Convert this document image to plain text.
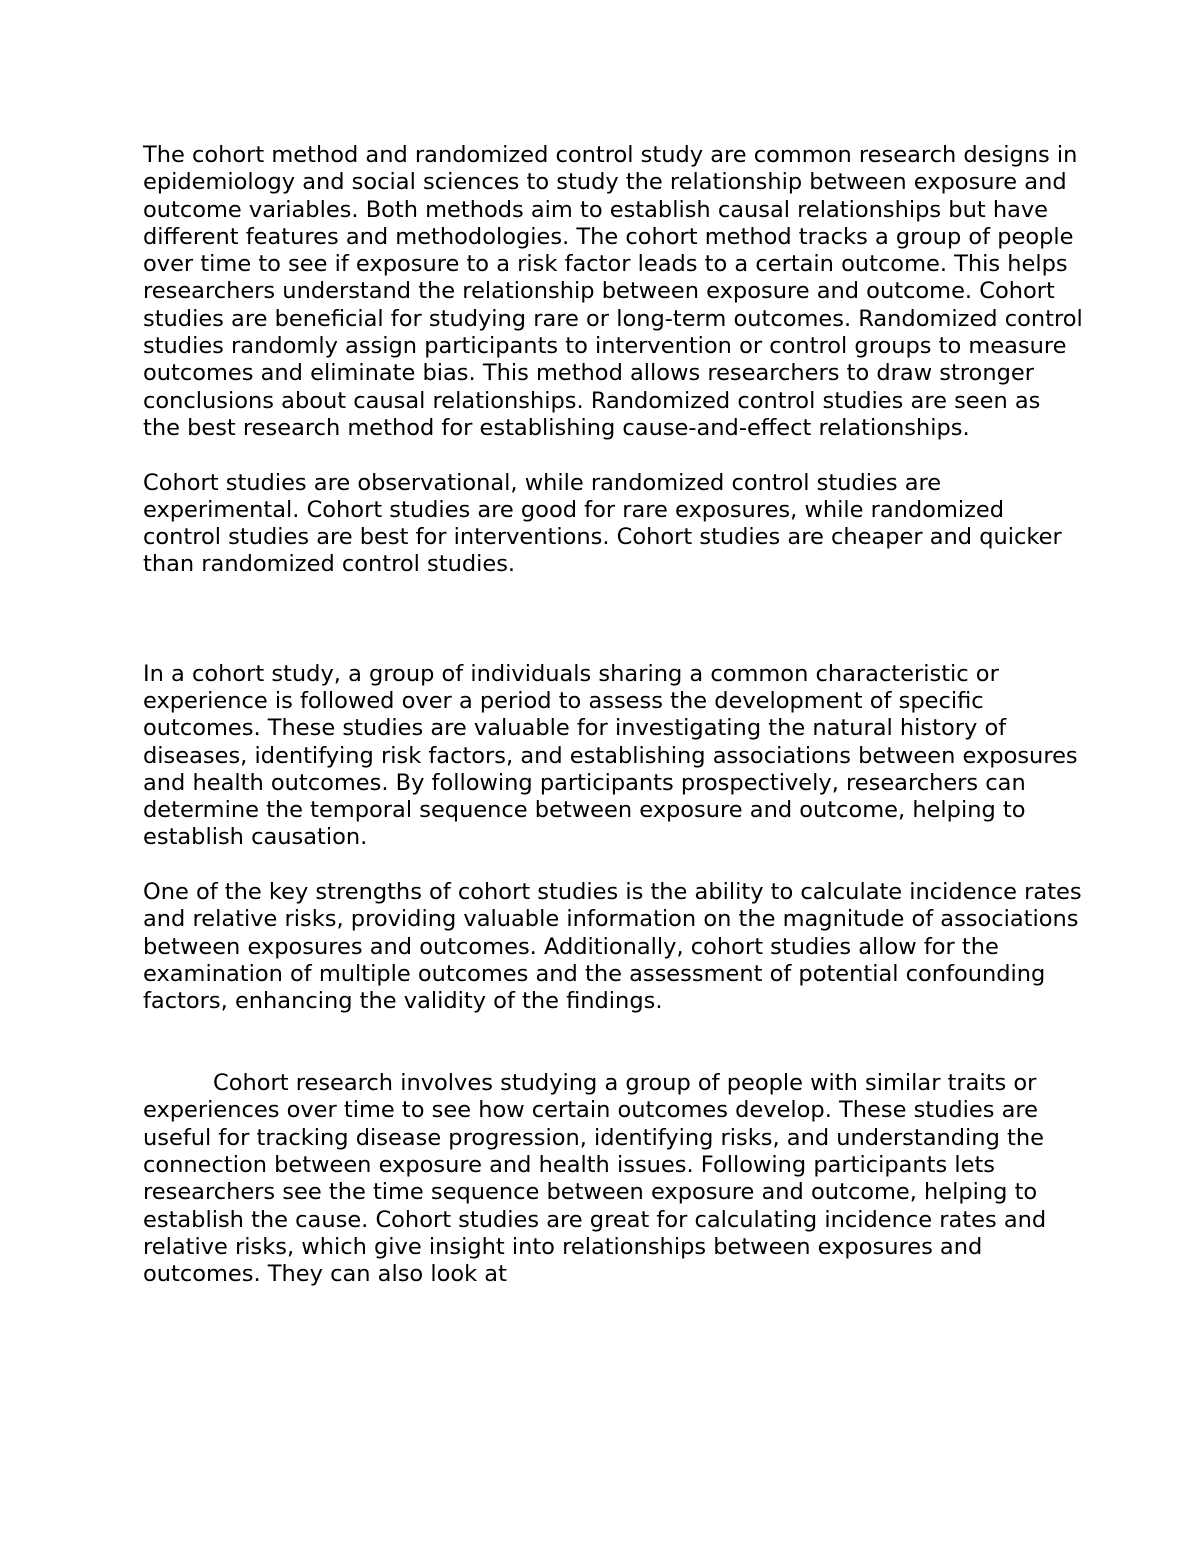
The cohort method and randomized control study are common research designs in epidemiology and social sciences to study the relationship between exposure and outcome variables. Both methods aim to establish causal relationships but have different features and methodologies. The cohort method tracks a group of people over time to see if exposure to a risk factor leads to a certain outcome. This helps researchers understand the relationship between exposure and outcome. Cohort studies are beneficial for studying rare or long-term outcomes. Randomized control studies randomly assign participants to intervention or control groups to measure outcomes and eliminate bias. This method allows researchers to draw stronger conclusions about causal relationships. Randomized control studies are seen as the best research method for establishing cause-and-effect relationships.

Cohort studies are observational, while randomized control studies are experimental. Cohort studies are good for rare exposures, while randomized control studies are best for interventions. Cohort studies are cheaper and quicker than randomized control studies.

In a cohort study, a group of individuals sharing a common characteristic or experience is followed over a period to assess the development of specific outcomes. These studies are valuable for investigating the natural history of diseases, identifying risk factors, and establishing associations between exposures and health outcomes. By following participants prospectively, researchers can determine the temporal sequence between exposure and outcome, helping to establish causation.

One of the key strengths of cohort studies is the ability to calculate incidence rates and relative risks, providing valuable information on the magnitude of associations between exposures and outcomes. Additionally, cohort studies allow for the examination of multiple outcomes and the assessment of potential confounding factors, enhancing the validity of the findings.

Cohort research involves studying a group of people with similar traits or experiences over time to see how certain outcomes develop. These studies are useful for tracking disease progression, identifying risks, and understanding the connection between exposure and health issues. Following participants lets researchers see the time sequence between exposure and outcome, helping to establish the cause. Cohort studies are great for calculating incidence rates and relative risks, which give insight into relationships between exposures and outcomes. They can also look at
